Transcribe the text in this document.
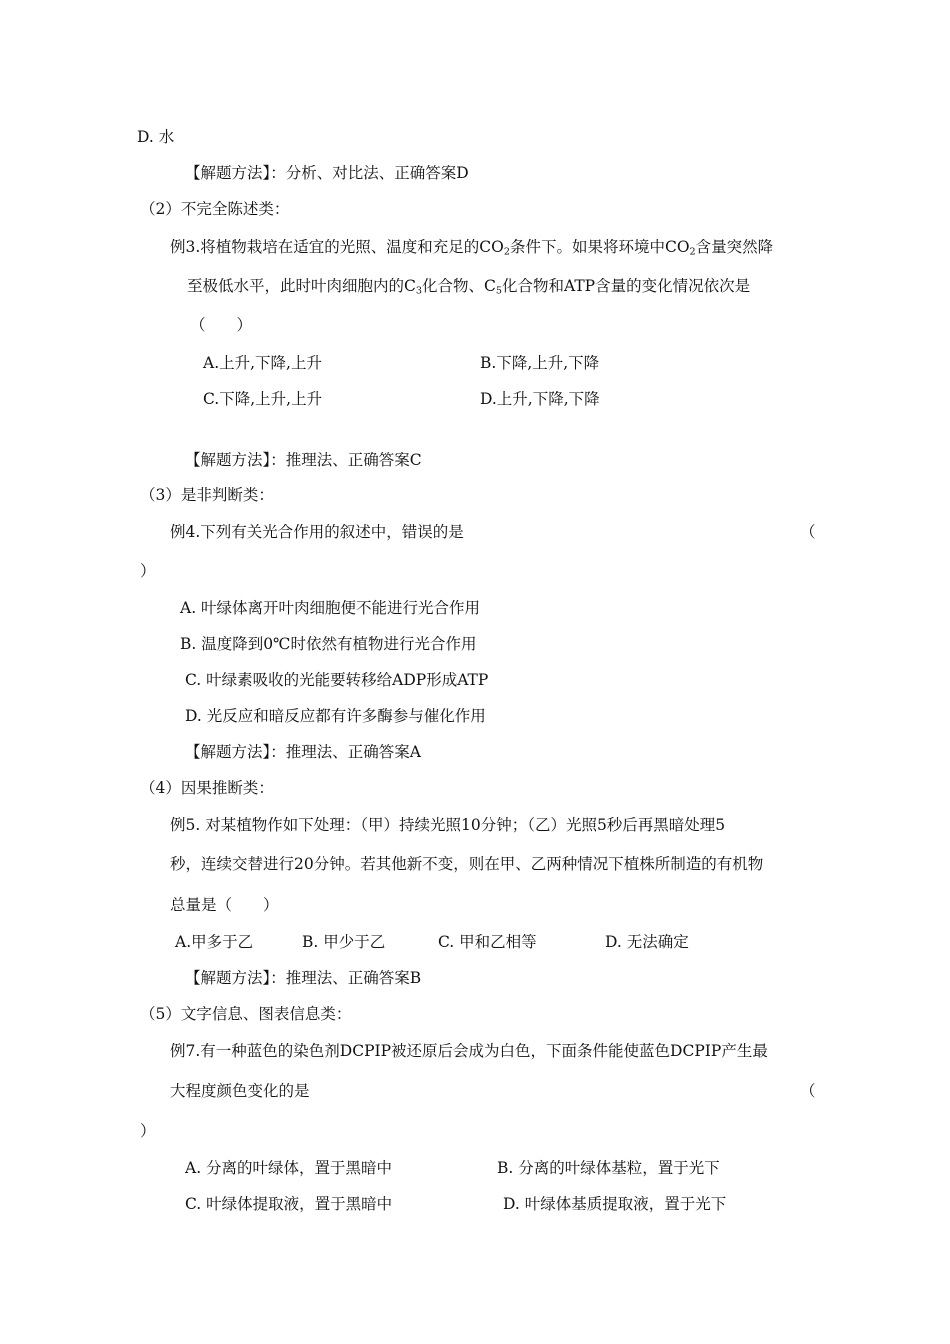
D. 水
【解题方法】：分析、对比法、正确答案D
（2）不完全陈述类：
例3.将植物栽培在适宜的光照、温度和充足的$CO_2$条件下。如果将环境中$CO_2$含量突然降
至极低水平，此时叶肉细胞内的$C_3$化合物、$C_5$化合物和ATP含量的变化情况依次是
（　　）
A.上升,下降,上升	B.下降,上升,下降
C.下降,上升,上升	D.上升,下降,下降
【解题方法】：推理法、正确答案C
（3）是非判断类：
例4.下列有关光合作用的叙述中，错误的是	（
）
A. 叶绿体离开叶肉细胞便不能进行光合作用
B. 温度降到0℃时依然有植物进行光合作用
C. 叶绿素吸收的光能要转移给ADP形成ATP
D. 光反应和暗反应都有许多酶参与催化作用
【解题方法】：推理法、正确答案A
（4）因果推断类：
例5. 对某植物作如下处理：（甲）持续光照10分钟；（乙）光照5秒后再黑暗处理5
秒，连续交替进行20分钟。若其他新不变，则在甲、乙两种情况下植株所制造的有机物
总量是（　　）
A.甲多于乙	B. 甲少于乙	C. 甲和乙相等	D. 无法确定
【解题方法】：推理法、正确答案B
（5）文字信息、图表信息类：
例7.有一种蓝色的染色剂DCPIP被还原后会成为白色，下面条件能使蓝色DCPIP产生最
大程度颜色变化的是	（
）
A. 分离的叶绿体，置于黑暗中	B. 分离的叶绿体基粒，置于光下
C. 叶绿体提取液，置于黑暗中	D. 叶绿体基质提取液，置于光下
